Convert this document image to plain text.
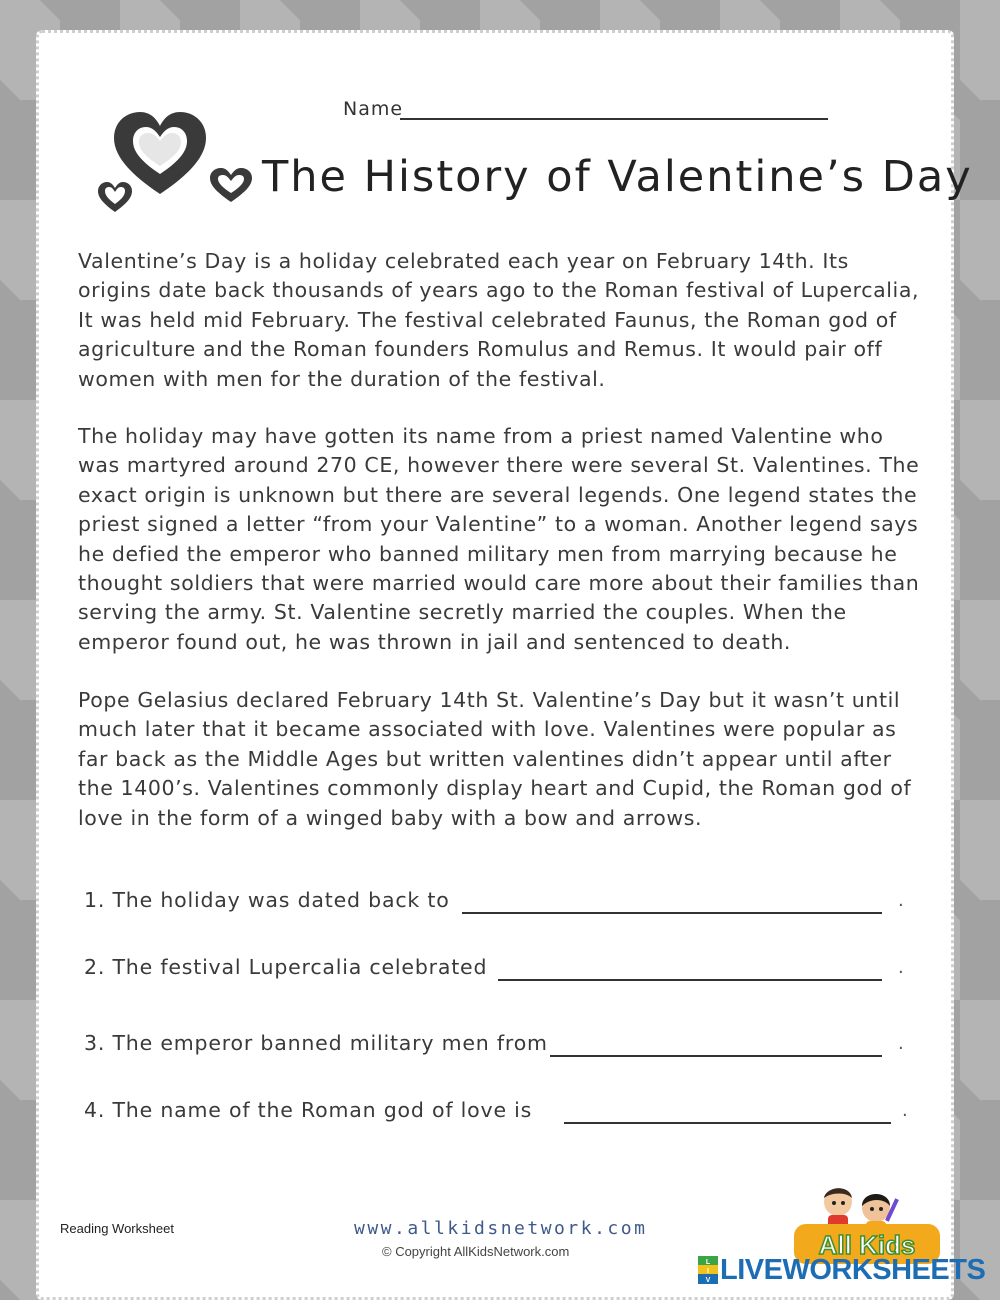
Name
The History of Valentine’s Day

Valentine’s Day is a holiday celebrated each year on February 14th. Its origins date back thousands of years ago to the Roman festival of Lupercalia, It was held mid February. The festival celebrated Faunus, the Roman god of agriculture and the Roman founders Romulus and Remus. It would pair off women with men for the duration of the festival.

The holiday may have gotten its name from a priest named Valentine who was martyred around 270 CE, however there were several St. Valentines. The exact origin is unknown but there are several legends. One legend states the priest signed a letter “from your Valentine” to a woman. Another legend says he defied the emperor who banned military men from marrying because he thought soldiers that were married would care more about their families than serving the army. St. Valentine secretly married the couples. When the emperor found out, he was thrown in jail and sentenced to death.

Pope Gelasius declared February 14th St. Valentine’s Day but it wasn’t until much later that it became associated with love. Valentines were popular as far back as the Middle Ages but written valentines didn’t appear until after the 1400’s. Valentines commonly display heart and Cupid, the Roman god of love in the form of a winged baby with a bow and arrows.

1. The holiday was dated back to	.
2. The festival Lupercalia celebrated	.
3. The emperor banned military men from	.
4. The name of the Roman god of love is	.
Reading Worksheet	www.allkidsnetwork.com
© Copyright AllKidsNetwork.com	All Kids
L
I
V LIVEWORKSHEETS
